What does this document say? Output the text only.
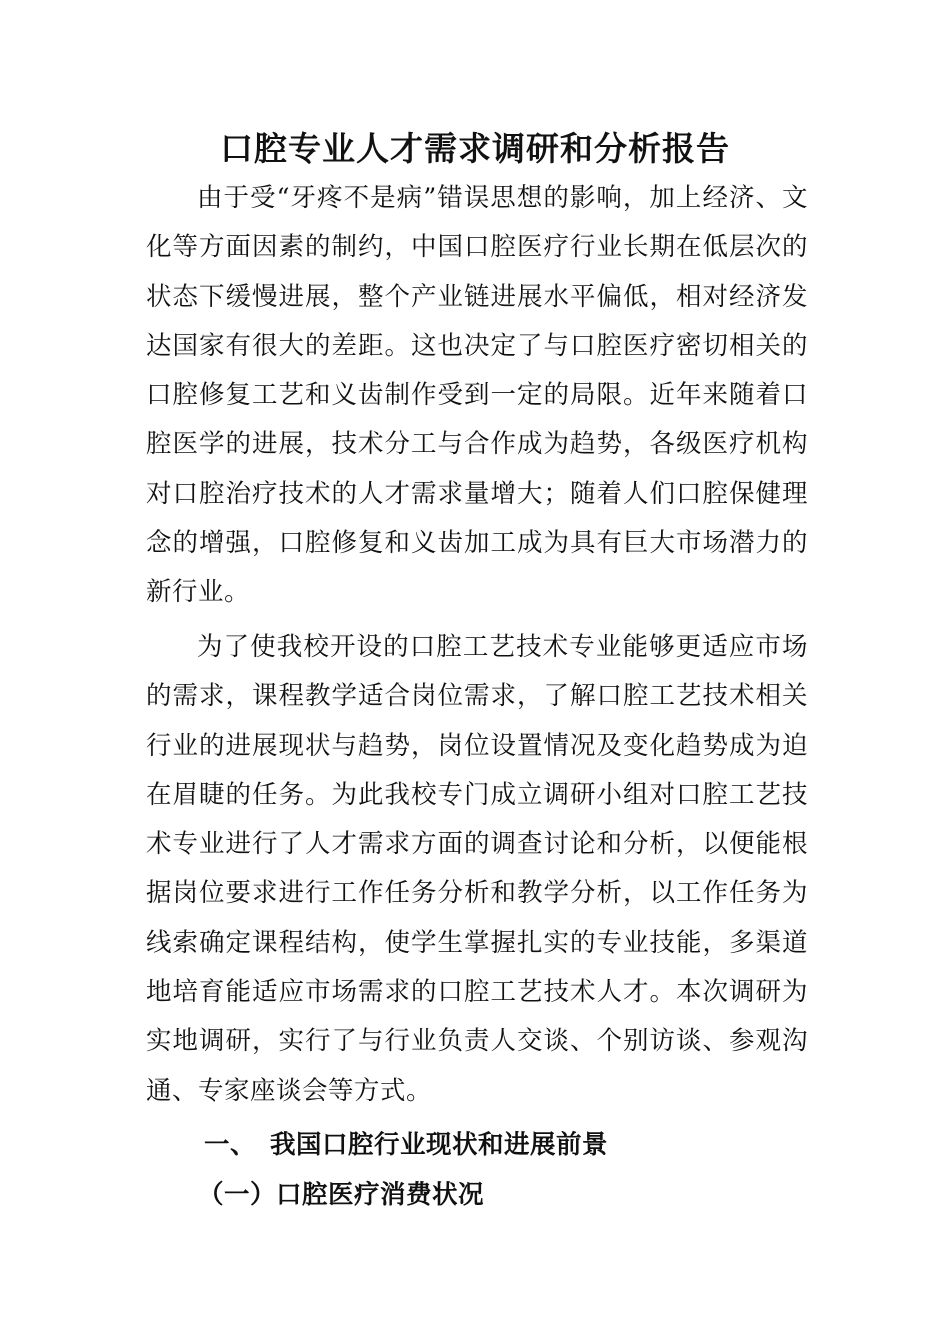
口腔专业人才需求调研和分析报告

由于受“牙疼不是病”错误思想的影响，加上经济、文化等方面因素的制约，中国口腔医疗行业长期在低层次的状态下缓慢进展，整个产业链进展水平偏低，相对经济发达国家有很大的差距。这也决定了与口腔医疗密切相关的口腔修复工艺和义齿制作受到一定的局限。近年来随着口腔医学的进展，技术分工与合作成为趋势，各级医疗机构对口腔治疗技术的人才需求量增大；随着人们口腔保健理念的增强，口腔修复和义齿加工成为具有巨大市场潜力的新行业。

为了使我校开设的口腔工艺技术专业能够更适应市场的需求，课程教学适合岗位需求，了解口腔工艺技术相关行业的进展现状与趋势，岗位设置情况及变化趋势成为迫在眉睫的任务。为此我校专门成立调研小组对口腔工艺技术专业进行了人才需求方面的调查讨论和分析，以便能根据岗位要求进行工作任务分析和教学分析，以工作任务为线索确定课程结构，使学生掌握扎实的专业技能，多渠道地培育能适应市场需求的口腔工艺技术人才。本次调研为实地调研，实行了与行业负责人交谈、个别访谈、参观沟通、专家座谈会等方式。

一、 我国口腔行业现状和进展前景
（一）口腔医疗消费状况
